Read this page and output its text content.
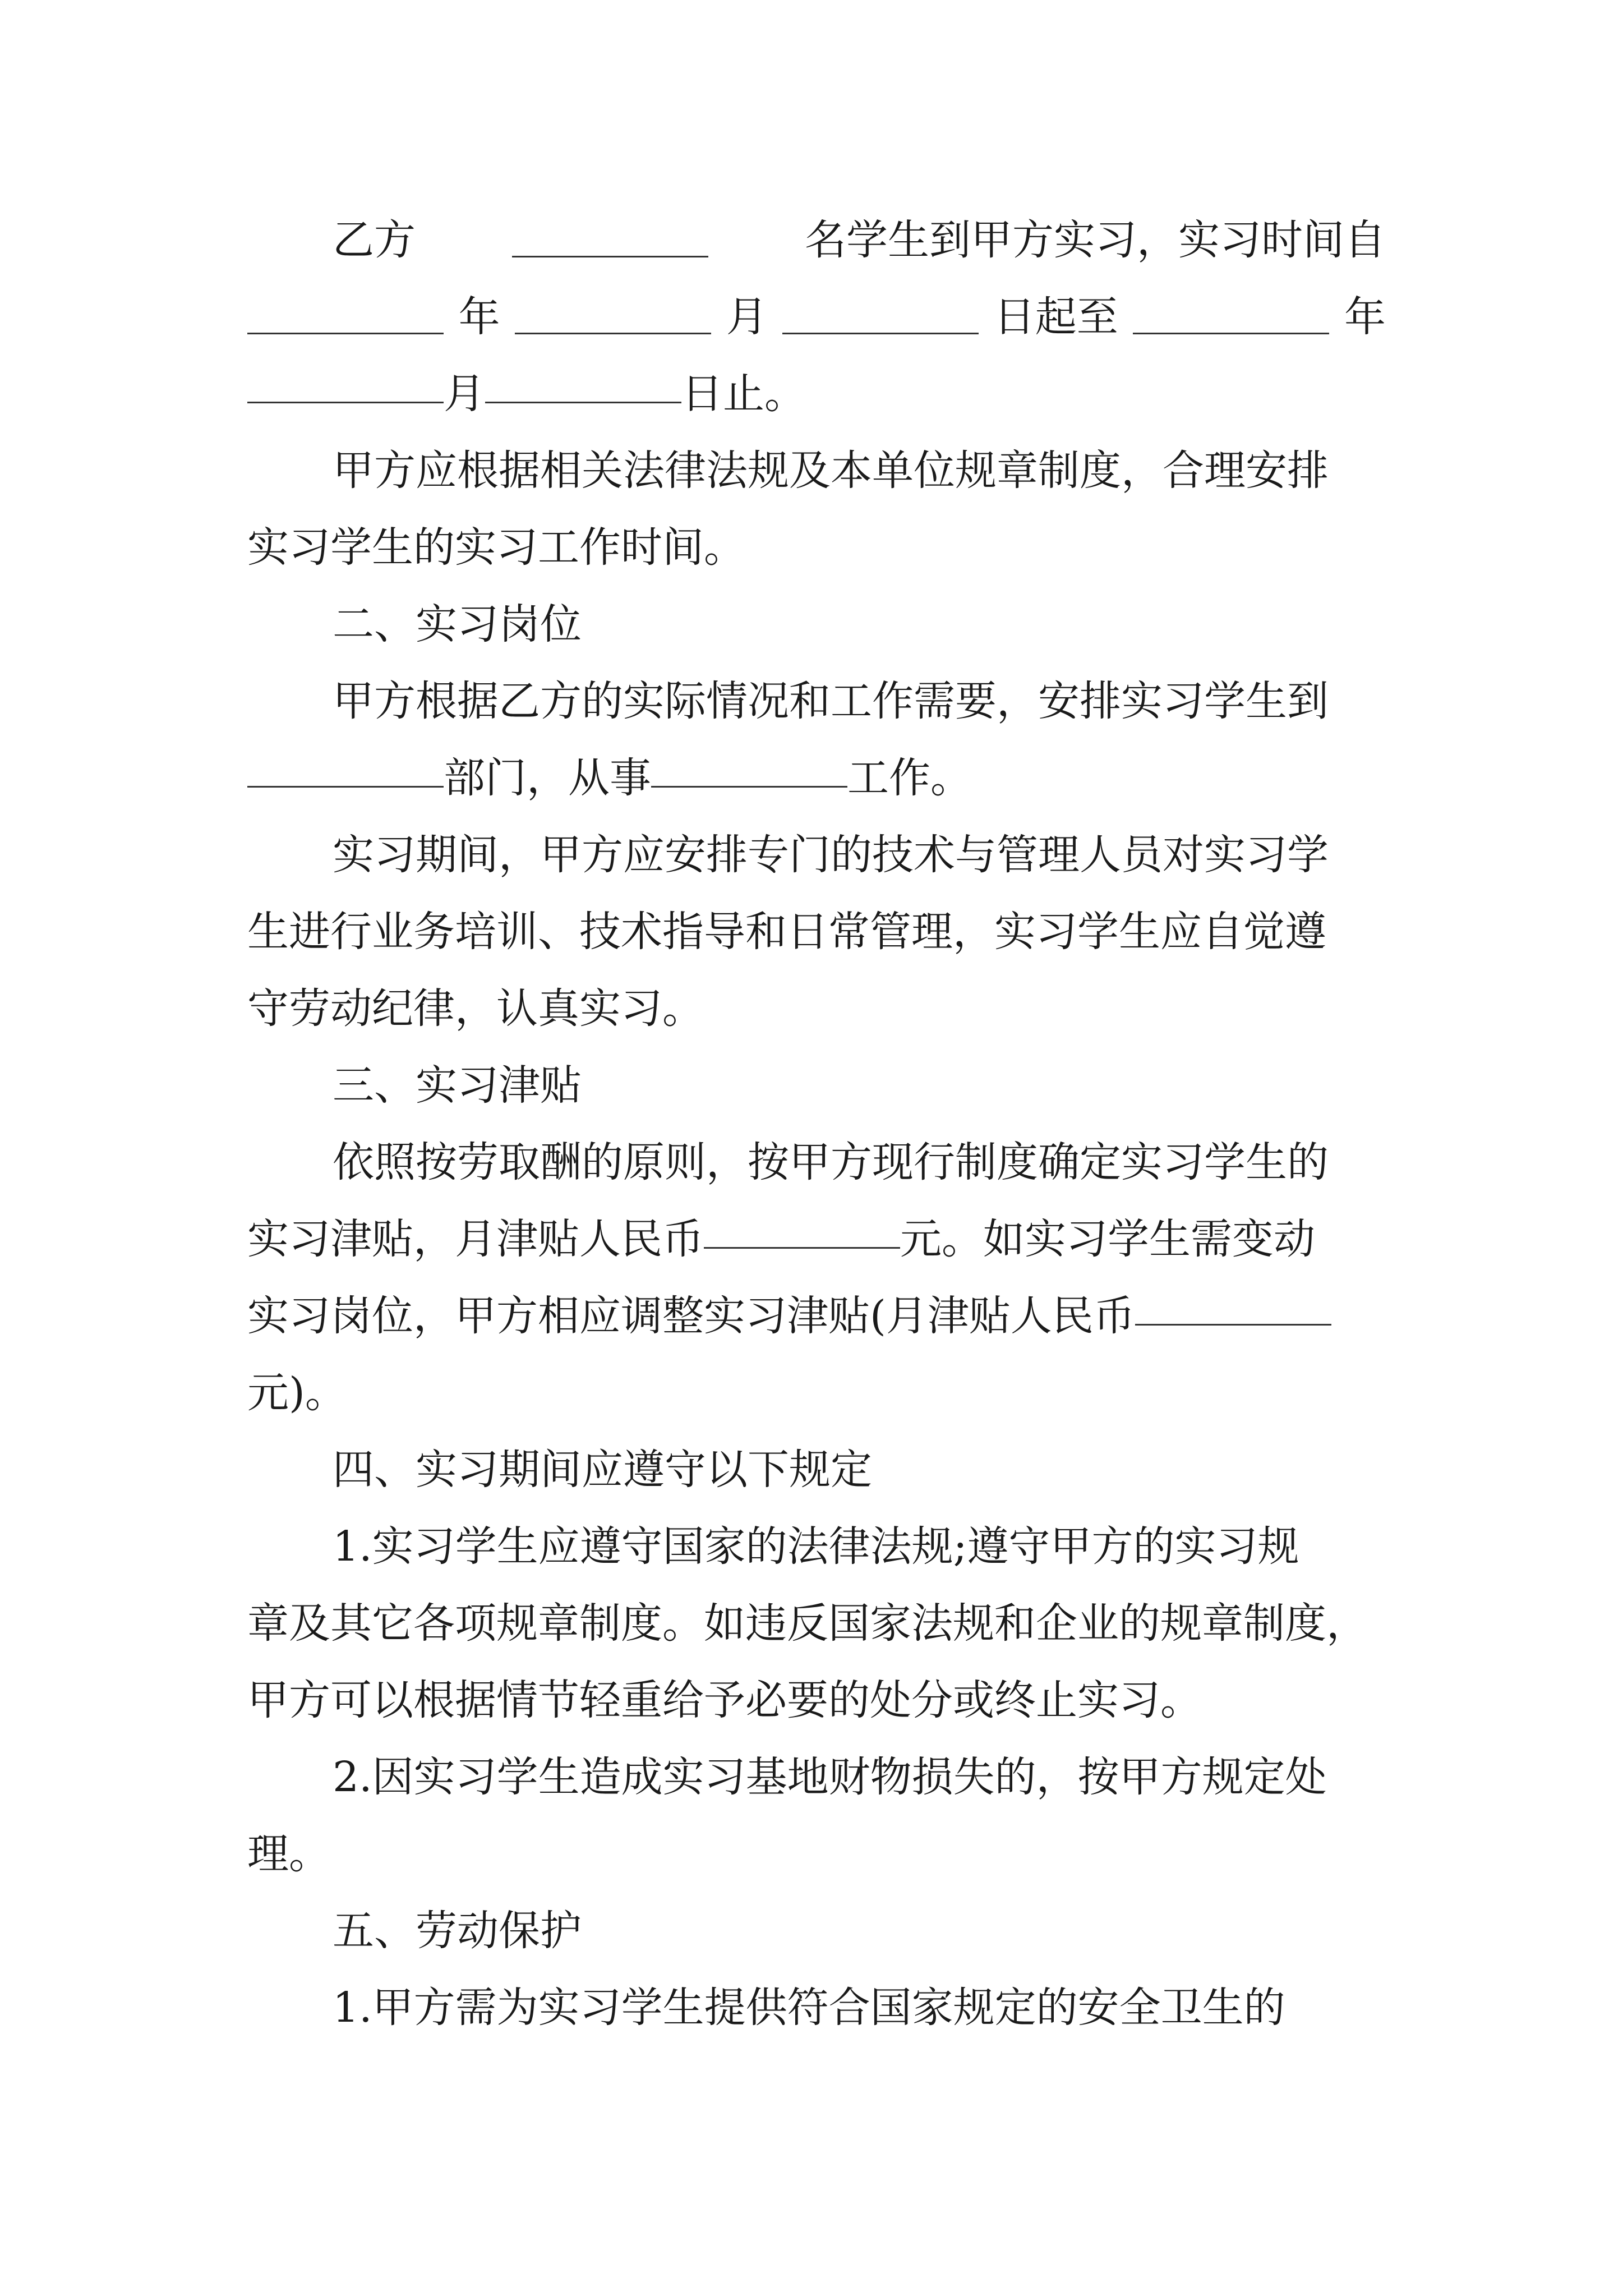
乙方	名学生到甲方实习，实习时间自
年	月	日起至	年
月	日止。
甲方应根据相关法律法规及本单位规章制度，合理安排
实习学生的实习工作时间。
二、实习岗位
甲方根据乙方的实际情况和工作需要，安排实习学生到
部门，从事	工作。
实习期间，甲方应安排专门的技术与管理人员对实习学
生进行业务培训、技术指导和日常管理，实习学生应自觉遵
守劳动纪律，认真实习。
三、实习津贴
依照按劳取酬的原则，按甲方现行制度确定实习学生的
实习津贴，月津贴人民币	元。如实习学生需变动
实习岗位，甲方相应调整实习津贴(月津贴人民币
元)。
四、实习期间应遵守以下规定
1.实习学生应遵守国家的法律法规;遵守甲方的实习规
章及其它各项规章制度。如违反国家法规和企业的规章制度，
甲方可以根据情节轻重给予必要的处分或终止实习。
2.因实习学生造成实习基地财物损失的，按甲方规定处
理。
五、劳动保护
1.甲方需为实习学生提供符合国家规定的安全卫生的
